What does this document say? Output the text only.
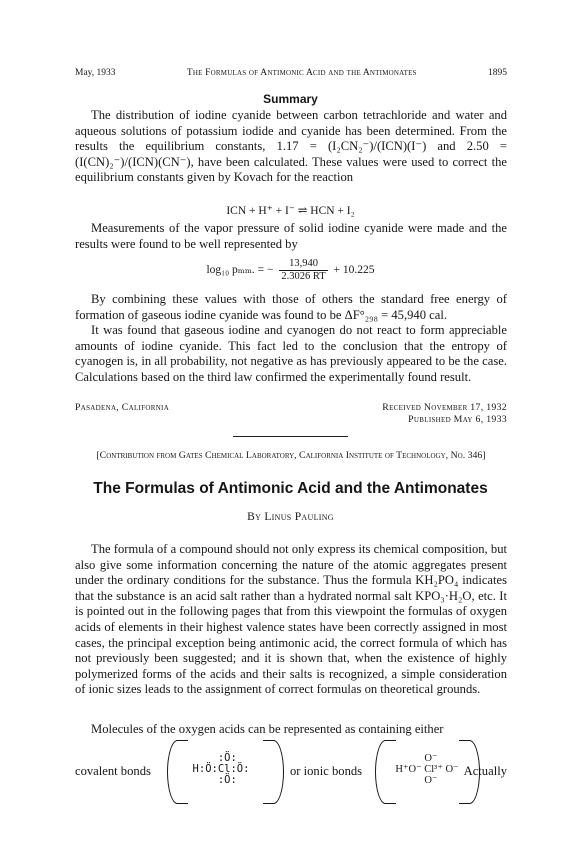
May, 1933	The Formulas of Antimonic Acid and the Antimonates	1895
Summary
The distribution of iodine cyanide between carbon tetrachloride and water and aqueous solutions of potassium iodide and cyanide has been determined. From the results the equilibrium constants, 1.17 = (I₂CN₂⁻)/(ICN)(I⁻) and 2.50 = (I(CN)₂⁻)/(ICN)(CN⁻), have been calculated. These values were used to correct the equilibrium constants given by Kovach for the reaction
ICN + H⁺ + I⁻ ⇌ HCN + I₂
Measurements of the vapor pressure of solid iodine cyanide were made and the results were found to be well represented by
log₁₀ pₘₘ. = − $\frac{13,940}{2.3026 RT} + 10.225$
By combining these values with those of others the standard free energy of formation of gaseous iodine cyanide was found to be ΔF°₂₉₈ = 45,940 cal.
It was found that gaseous iodine and cyanogen do not react to form appreciable amounts of iodine cyanide. This fact led to the conclusion that the entropy of cyanogen is, in all probability, not negative as has previously appeared to be the case. Calculations based on the third law confirmed the experimentally found result.
Pasadena, California	Received November 17, 1932
Published May 6, 1933
[Contribution from Gates Chemical Laboratory, California Institute of Technology, No. 346]
The Formulas of Antimonic Acid and the Antimonates
By Linus Pauling
The formula of a compound should not only express its chemical composition, but also give some information concerning the nature of the atomic aggregates present under the ordinary conditions for the substance. Thus the formula KH₂PO₄ indicates that the substance is an acid salt rather than a hydrated normal salt KPO₃·H₂O, etc. It is pointed out in the following pages that from this viewpoint the formulas of oxygen acids of elements in their highest valence states have been correctly assigned in most cases, the principal exception being antimonic acid, the correct formula of which has not previously been suggested; and it is shown that, when the existence of highly polymerized forms of the acids and their salts is recognized, a simple consideration of ionic sizes leads to the assignment of correct formulas on theoretical grounds.
Molecules of the oxygen acids can be represented as containing either
covalent bonds
:Ö:
H:Ö:Cl:Ö:
:Ö:
or ionic bonds
O⁻
H⁺O⁻ Cl³⁺ O⁻
O⁻
Actually
